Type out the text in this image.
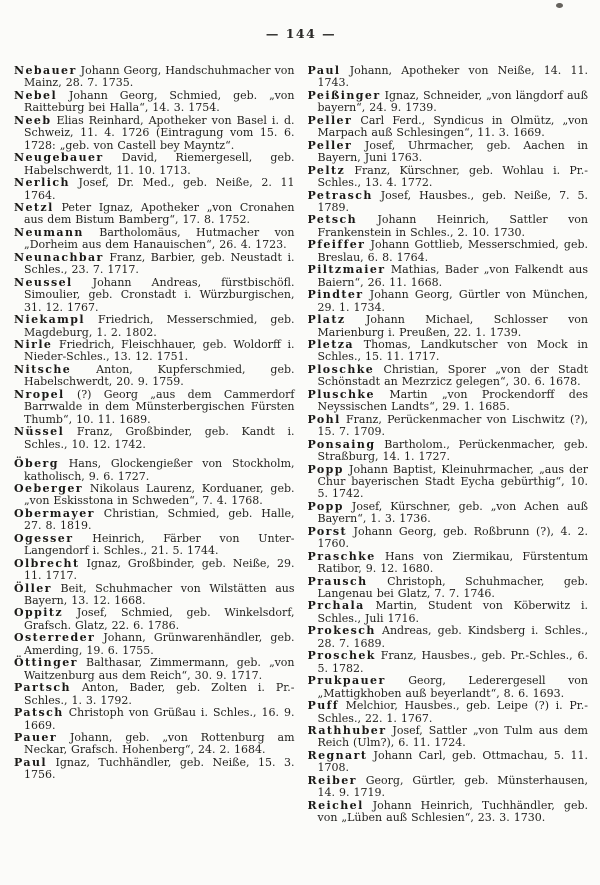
— 144 —

Nebauer Johann Georg, Handschuhmacher von Mainz, 28. 7. 1735.

Nebel Johann Georg, Schmied, geb. „von Raitteburg bei Halla“, 14. 3. 1754.

Neeb Elias Reinhard, Apotheker von Basel i. d. Schweiz, 11. 4. 1726 (Eintragung vom 15. 6. 1728: „geb. von Castell bey Mayntz“.

Neugebauer David, Riemergesell, geb. Habelschwerdt, 11. 10. 1713.

Nerlich Josef, Dr. Med., geb. Neiße, 2. 11 1764.

Netzl Peter Ignaz, Apotheker „von Cronahen aus dem Bistum Bamberg“, 17. 8. 1752.

Neumann Bartholomäus, Hutmacher von „Dorheim aus dem Hanauischen“, 26. 4. 1723.

Neunachbar Franz, Barbier, geb. Neustadt i. Schles., 23. 7. 1717.

Neussel Johann Andreas, fürstbischöfl. Simoulier, geb. Cronstadt i. Würzburgischen, 31. 12. 1767.

Niekampl Friedrich, Messerschmied, geb. Magdeburg, 1. 2. 1802.

Nirle Friedrich, Fleischhauer, geb. Woldorff i. Nieder-Schles., 13. 12. 1751.

Nitsche Anton, Kupferschmied, geb. Habelschwerdt, 20. 9. 1759.

Nropel (?) Georg „aus dem Cammerdorf Barrwalde in dem Münsterbergischen Fürsten Thumb“, 10. 11. 1689.

Nüssel Franz, Großbinder, geb. Kandt i. Schles., 10. 12. 1742.

Öberg Hans, Glockengießer von Stockholm, katholisch, 9. 6. 1727.

Oeberger Nikolaus Laurenz, Korduaner, geb. „von Eskisstona in Schweden“, 7. 4. 1768.

Obermayer Christian, Schmied, geb. Halle, 27. 8. 1819.

Ogesser Heinrich, Färber von Unter-Langendorf i. Schles., 21. 5. 1744.

Olbrecht Ignaz, Großbinder, geb. Neiße, 29. 11. 1717.

Öller Beit, Schuhmacher von Wilstätten aus Bayern, 13. 12. 1668.

Oppitz Josef, Schmied, geb. Winkelsdorf, Grafsch. Glatz, 22. 6. 1786.

Osterreder Johann, Grünwarenhändler, geb. Amerding, 19. 6. 1755.

Öttinger Balthasar, Zimmermann, geb. „von Waitzenburg aus dem Reich“, 30. 9. 1717.

Partsch Anton, Bader, geb. Zolten i. Pr.-Schles., 1. 3. 1792.

Patsch Christoph von Grüßau i. Schles., 16. 9. 1669.

Pauer Johann, geb. „von Rottenburg am Neckar, Grafsch. Hohenberg“, 24. 2. 1684.

Paul Ignaz, Tuchhändler, geb. Neiße, 15. 3. 1756.

Paul Johann, Apotheker von Neiße, 14. 11. 1743.

Peißinger Ignaz, Schneider, „von längdorf auß bayern“, 24. 9. 1739.

Peller Carl Ferd., Syndicus in Olmütz, „von Marpach auß Schlesingen“, 11. 3. 1669.

Peller Josef, Uhrmacher, geb. Aachen in Bayern, Juni 1763.

Peltz Franz, Kürschner, geb. Wohlau i. Pr.-Schles., 13. 4. 1772.

Petrasch Josef, Hausbes., geb. Neiße, 7. 5. 1789.

Petsch Johann Heinrich, Sattler von Frankenstein in Schles., 2. 10. 1730.

Pfeiffer Johann Gottlieb, Messerschmied, geb. Breslau, 6. 8. 1764.

Piltzmaier Mathias, Bader „von Falkendt aus Baiern“, 26. 11. 1668.

Pindter Johann Georg, Gürtler von München, 29. 1. 1734.

Platz Johann Michael, Schlosser von Marienburg i. Preußen, 22. 1. 1739.

Pletza Thomas, Landkutscher von Mock in Schles., 15. 11. 1717.

Ploschke Christian, Sporer „von der Stadt Schönstadt an Mezrzicz gelegen“, 30. 6. 1678.

Pluschke Martin „von Prockendorff des Neyssischen Landts“, 29. 1. 1685.

Pohl Franz, Perückenmacher von Lischwitz (?), 15. 7. 1709.

Ponsaing Bartholom., Perückenmacher, geb. Straßburg, 14. 1. 1727.

Popp Johann Baptist, Kleinuhrmacher, „aus der Chur bayerischen Stadt Eycha gebürthig“, 10. 5. 1742.

Popp Josef, Kürschner, geb. „von Achen auß Bayern“, 1. 3. 1736.

Porst Johann Georg, geb. Roßbrunn (?), 4. 2. 1760.

Praschke Hans von Ziermikau, Fürstentum Ratibor, 9. 12. 1680.

Prausch Christoph, Schuhmacher, geb. Langenau bei Glatz, 7. 7. 1746.

Prchala Martin, Student von Köberwitz i. Schles., Juli 1716.

Prokesch Andreas, geb. Kindsberg i. Schles., 28. 7. 1689.

Proschek Franz, Hausbes., geb. Pr.-Schles., 6. 5. 1782.

Prukpauer Georg, Lederergesell von „Mattigkhoben auß beyerlandt“, 8. 6. 1693.

Puff Melchior, Hausbes., geb. Leipe (?) i. Pr.-Schles., 22. 1. 1767.

Rathhuber Josef, Sattler „von Tulm aus dem Reich (Ulm?), 6. 11. 1724.

Regnart Johann Carl, geb. Ottmachau, 5. 11. 1708.

Reiber Georg, Gürtler, geb. Münsterhausen, 14. 9. 1719.

Reichel Johann Heinrich, Tuchhändler, geb. von „Lüben auß Schlesien“, 23. 3. 1730.
